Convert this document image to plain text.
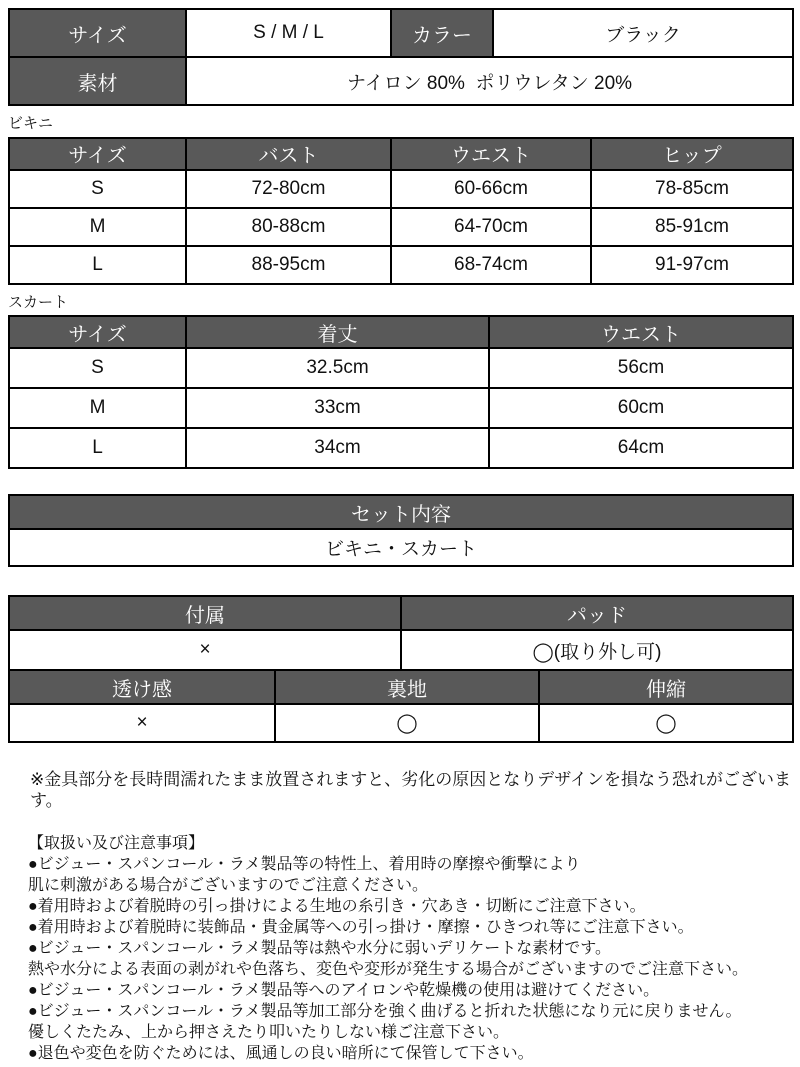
サイズ	S / M / L	カラー	ブラック
素材	ナイロン 80%  ポリウレタン 20%		
ビキニ
サイズ	バスト	ウエスト	ヒップ
S	72-80cm	60-66cm	78-85cm
M	80-88cm	64-70cm	85-91cm
L	88-95cm	68-74cm	91-97cm
スカート
サイズ	着丈	ウエスト
S	32.5cm	56cm
M	33cm	60cm
L	34cm	64cm
セット内容
ビキニ・スカート
付属	パッド
×	◯(取り外し可)
透け感	裏地	伸縮
×	◯	◯
※金具部分を長時間濡れたまま放置されますと、劣化の原因となりデザインを損なう恐れがございます。
【取扱い及び注意事項】
●ビジュー・スパンコール・ラメ製品等の特性上、着用時の摩擦や衝撃により
肌に刺激がある場合がございますのでご注意ください。
●着用時および着脱時の引っ掛けによる生地の糸引き・穴あき・切断にご注意下さい。
●着用時および着脱時に装飾品・貴金属等への引っ掛け・摩擦・ひきつれ等にご注意下さい。
●ビジュー・スパンコール・ラメ製品等は熱や水分に弱いデリケートな素材です。
熱や水分による表面の剥がれや色落ち、変色や変形が発生する場合がございますのでご注意下さい。
●ビジュー・スパンコール・ラメ製品等へのアイロンや乾燥機の使用は避けてください。
●ビジュー・スパンコール・ラメ製品等加工部分を強く曲げると折れた状態になり元に戻りません。
優しくたたみ、上から押さえたり叩いたりしない様ご注意下さい。
●退色や変色を防ぐためには、風通しの良い暗所にて保管して下さい。
